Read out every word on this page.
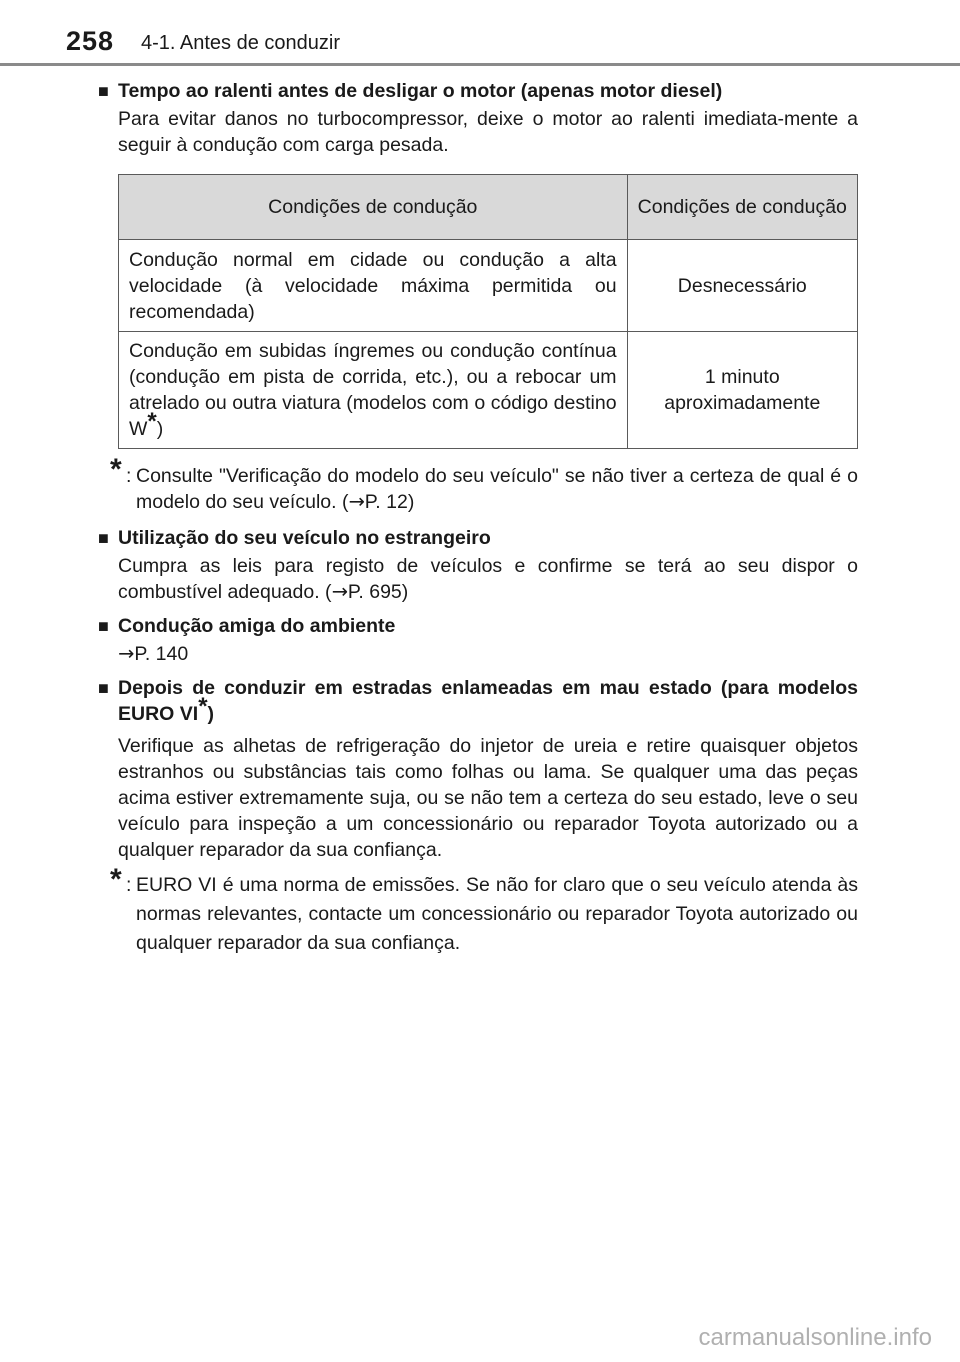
258 4-1. Antes de conduzir
■ Tempo ao ralenti antes de desligar o motor (apenas motor diesel)

Para evitar danos no turbocompressor, deixe o motor ao ralenti imediata-mente a seguir à condução com carga pesada.

Condições de condução	Condições de condução
Condução normal em cidade ou condução a alta velocidade (à velocidade máxima permitida ou recomendada)	Desnecessário
Condução em subidas íngremes ou condução contínua (condução em pista de corrida, etc.), ou a rebocar um atrelado ou outra viatura (modelos com o código destino W*)	1 minuto aproximadamente
* : Consulte "Verificação do modelo do seu veículo" se não tiver a certeza de qual é o modelo do seu veículo. (→P. 12)
■ Utilização do seu veículo no estrangeiro

Cumpra as leis para registo de veículos e confirme se terá ao seu dispor o combustível adequado. (→P. 695)

■ Condução amiga do ambiente

→P. 140

■ Depois de conduzir em estradas enlameadas em mau estado (para modelos EURO VI*)

Verifique as alhetas de refrigeração do injetor de ureia e retire quaisquer objetos estranhos ou substâncias tais como folhas ou lama. Se qualquer uma das peças acima estiver extremamente suja, ou se não tem a certeza do seu estado, leve o seu veículo para inspeção a um concessionário ou reparador Toyota autorizado ou a qualquer reparador da sua confiança.

* : EURO VI é uma norma de emissões. Se não for claro que o seu veículo atenda às normas relevantes, contacte um concessionário ou reparador Toyota autorizado ou qualquer reparador da sua confiança.
carmanualsonline.info
